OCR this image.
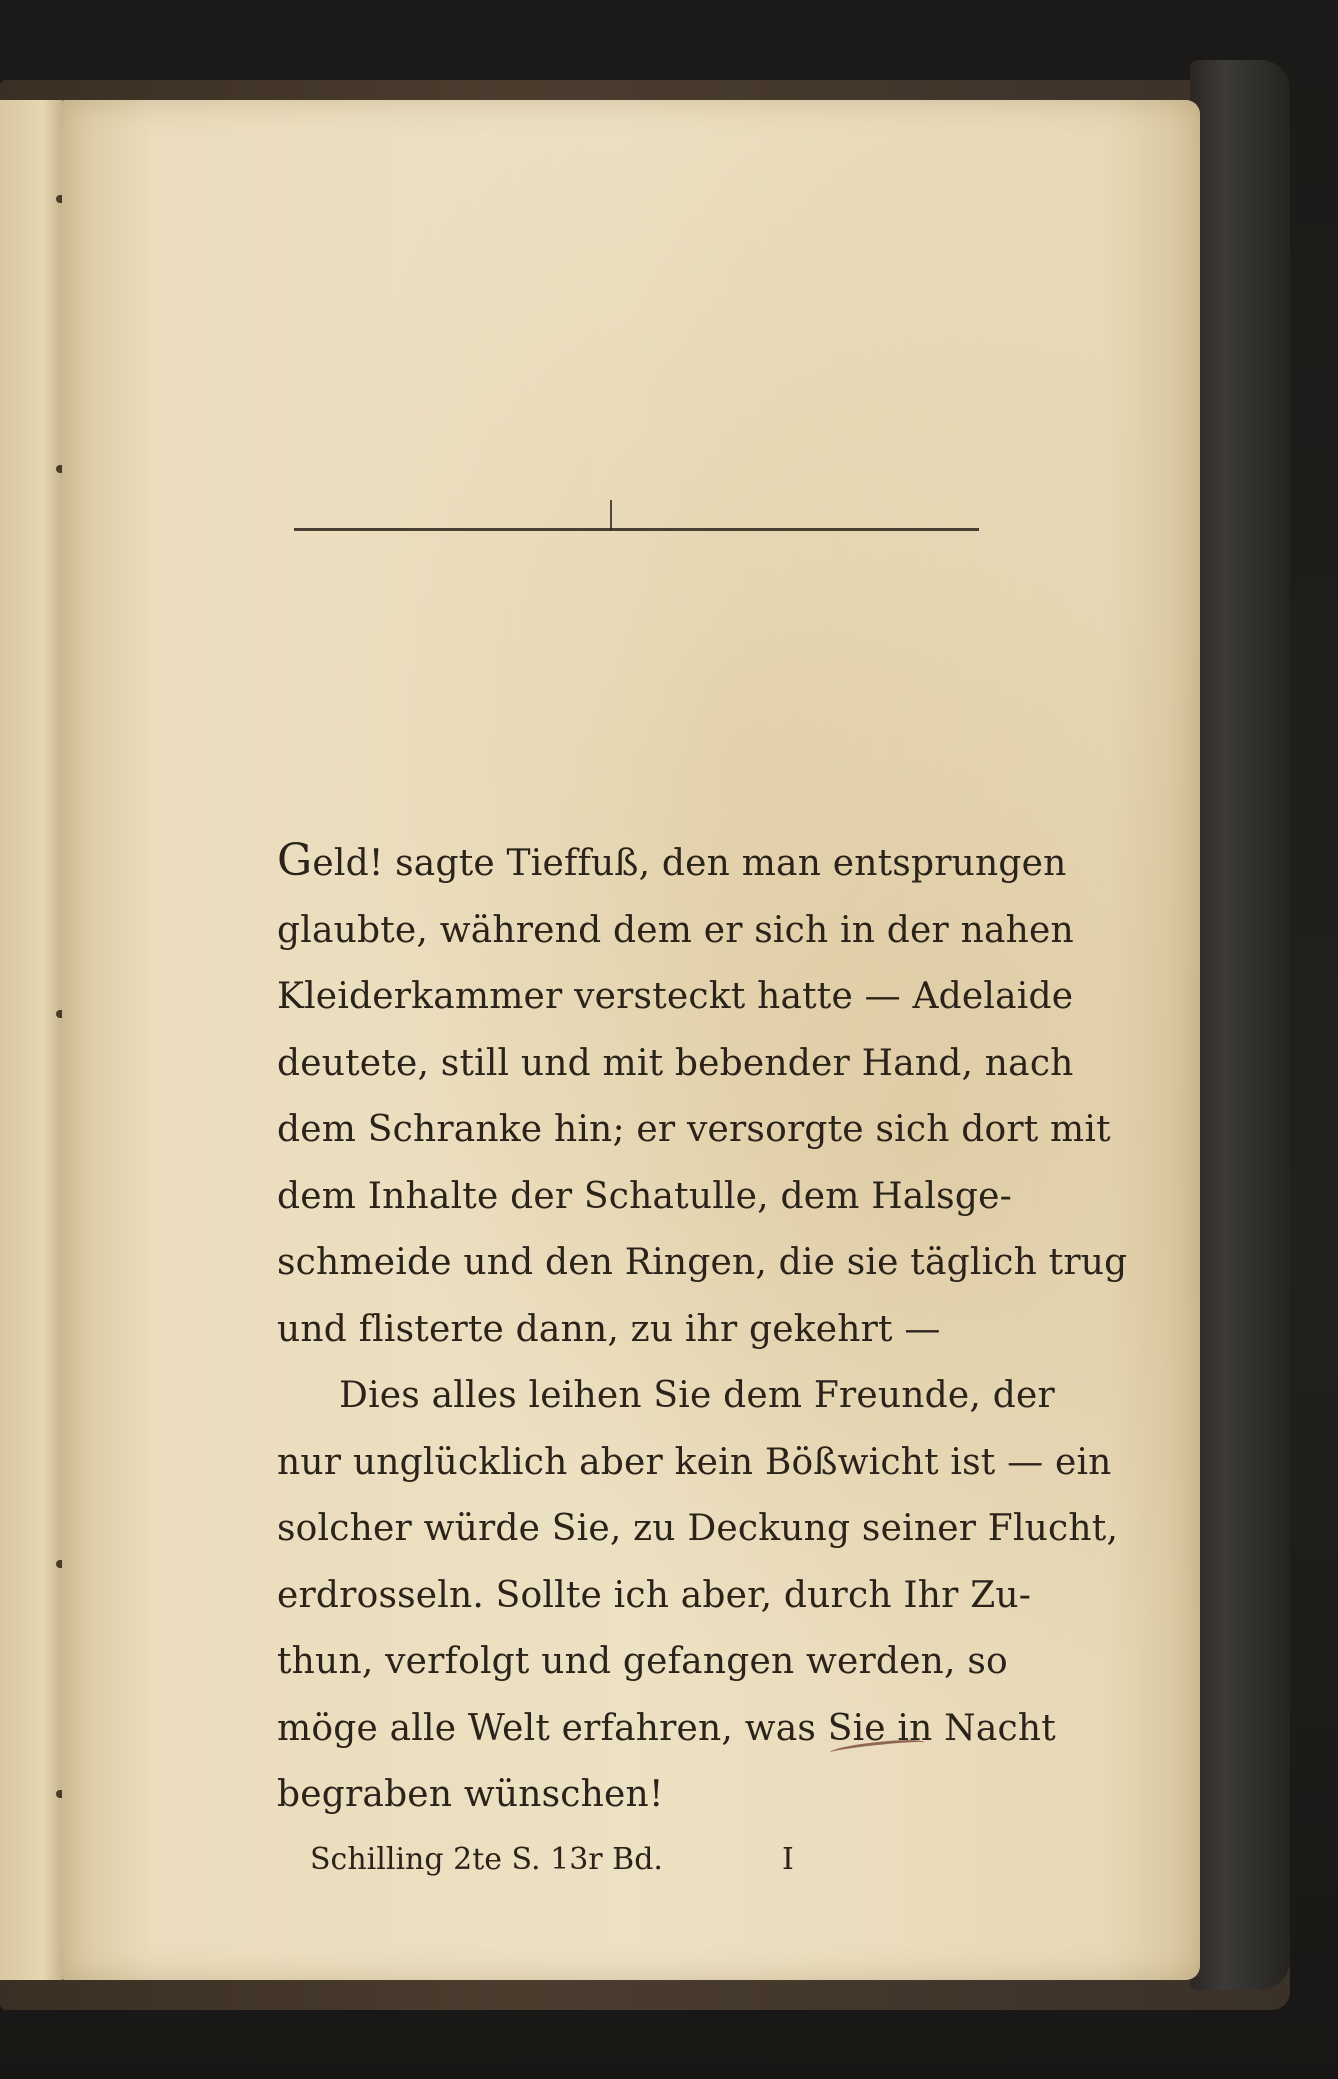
Geld! sagte Tieffuß, den man entsprungen
glaubte, während dem er sich in der nahen
Kleiderkammer versteckt hatte — Adelaide
deutete, still und mit bebender Hand, nach
dem Schranke hin; er versorgte sich dort mit
dem Inhalte der Schatulle, dem Halsge-
schmeide und den Ringen, die sie täglich trug
und flisterte dann, zu ihr gekehrt —
Dies alles leihen Sie dem Freunde, der
nur unglücklich aber kein Bößwicht ist — ein
solcher würde Sie, zu Deckung seiner Flucht,
erdrosseln. Sollte ich aber, durch Ihr Zu-
thun, verfolgt und gefangen werden, so
möge alle Welt erfahren, was Sie in Nacht
begraben wünschen!
Schilling 2te S. 13r Bd.	I
